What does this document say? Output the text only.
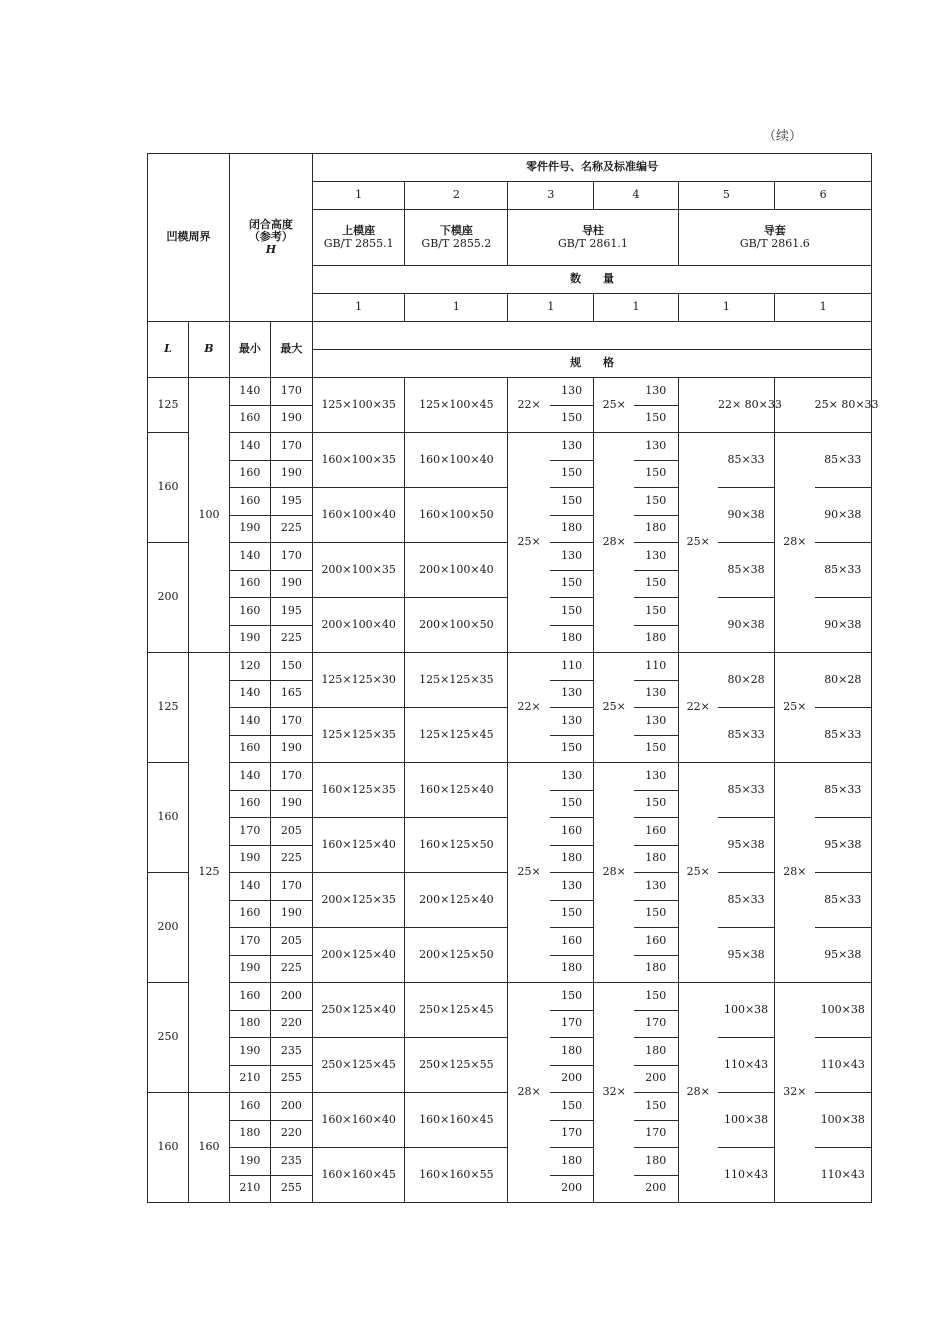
（续）
凹模周界		闭合高度
（参考）
H		零件件号、名称及标准编号									
				1	2	3		4		5		6	

				上模座
GB/T 2855.1	下模座
GB/T 2855.2	导柱
GB/T 2861.1				导套
GB/T 2861.6			

				数　　量									
				1	1	1		1		1		1	
L	B	最小	最大										
				规　　格									
125	100	140	170	125×100×35	125×100×45	22×	130	25×	130		22× 80×33		25× 80×33
		160	190				150		150				
160		140	170	160×100×35	160×100×40	25×	130	28×	130	25×	85×33	28×	85×33
		160	190				150		150				
		160	195	160×100×40	160×100×50		150		150		90×38		90×38
		190	225				180		180				
200		140	170	200×100×35	200×100×40		130		130		85×38		85×33
		160	190				150		150				
		160	195	200×100×40	200×100×50		150		150		90×38		90×38
		190	225				180		180				
125	125	120	150	125×125×30	125×125×35	22×	110	25×	110	22×	80×28	25×	80×28
		140	165				130		130				
		140	170	125×125×35	125×125×45		130		130		85×33		85×33
		160	190				150		150				
160		140	170	160×125×35	160×125×40	25×	130	28×	130	25×	85×33	28×	85×33
		160	190				150		150				
		170	205	160×125×40	160×125×50		160		160		95×38		95×38
		190	225				180		180				
200		140	170	200×125×35	200×125×40		130		130		85×33		85×33
		160	190				150		150				
		170	205	200×125×40	200×125×50		160		160		95×38		95×38
		190	225				180		180				
250		160	200	250×125×40	250×125×45	28×	150	32×	150	28×	100×38	32×	100×38
		180	220				170		170				
		190	235	250×125×45	250×125×55		180		180		110×43		110×43
		210	255				200		200				
160	160	160	200	160×160×40	160×160×45		150		150		100×38		100×38
		180	220				170		170				
		190	235	160×160×45	160×160×55		180		180		110×43		110×43
		210	255				200		200				
